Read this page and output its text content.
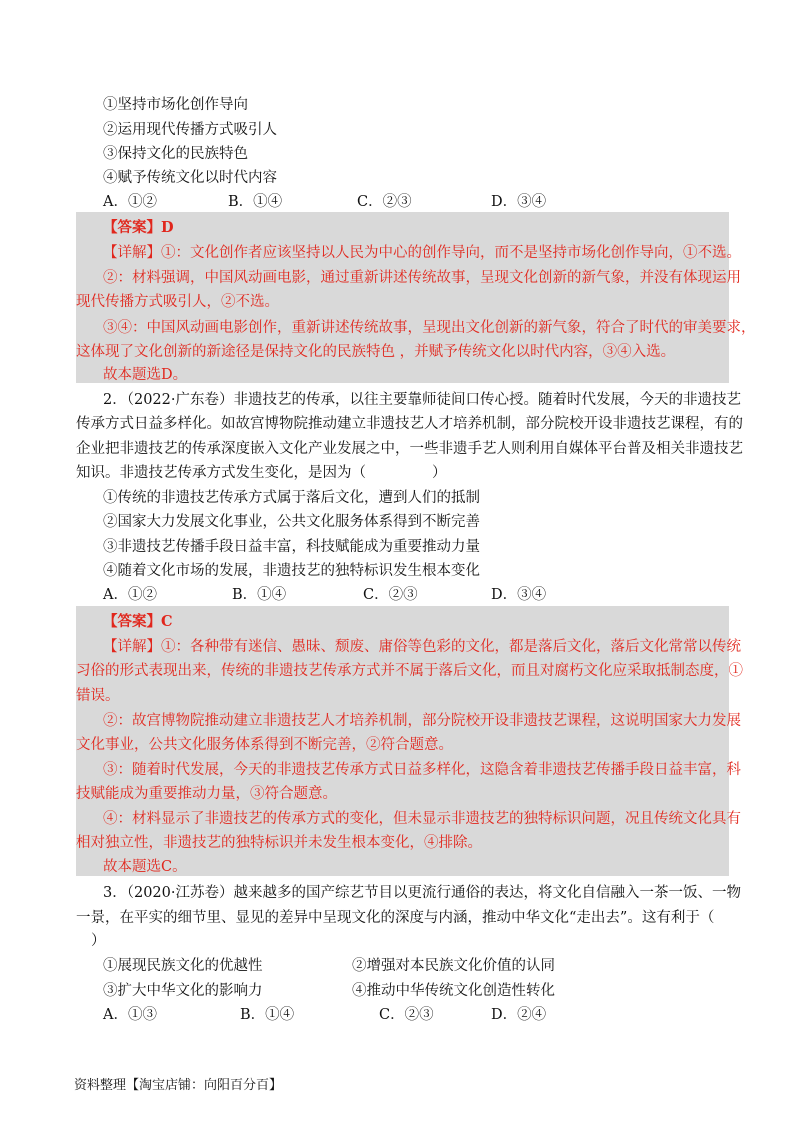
①坚持市场化创作导向
②运用现代传播方式吸引人
③保持文化的民族特色
④赋予传统文化以时代内容
A．①②	B．①④	C．②③	D．③④
【答案】D
【详解】①：文化创作者应该坚持以人民为中心的创作导向，而不是坚持市场化创作导向，①不选。
②：材料强调，中国风动画电影，通过重新讲述传统故事，呈现文化创新的新气象，并没有体现运用
现代传播方式吸引人，②不选。
③④：中国风动画电影创作，重新讲述传统故事，呈现出文化创新的新气象，符合了时代的审美要求，
这体现了文化创新的新途径是保持文化的民族特色 ，并赋予传统文化以时代内容，③④入选。
故本题选D。
2．（2022·广东卷）非遗技艺的传承，以往主要靠师徒间口传心授。随着时代发展，今天的非遗技艺
传承方式日益多样化。如故宫博物院推动建立非遗技艺人才培养机制，部分院校开设非遗技艺课程，有的
企业把非遗技艺的传承深度嵌入文化产业发展之中，一些非遗手艺人则利用自媒体平台普及相关非遗技艺
知识。非遗技艺传承方式发生变化，是因为（	）
①传统的非遗技艺传承方式属于落后文化，遭到人们的抵制
②国家大力发展文化事业，公共文化服务体系得到不断完善
③非遗技艺传播手段日益丰富，科技赋能成为重要推动力量
④随着文化市场的发展，非遗技艺的独特标识发生根本变化
A．①②	B．①④	C．②③	D．③④
【答案】C
【详解】①：各种带有迷信、愚昧、颓废、庸俗等色彩的文化，都是落后文化，落后文化常常以传统
习俗的形式表现出来，传统的非遗技艺传承方式并不属于落后文化，而且对腐朽文化应采取抵制态度，①
错误。
②：故宫博物院推动建立非遗技艺人才培养机制，部分院校开设非遗技艺课程，这说明国家大力发展
文化事业，公共文化服务体系得到不断完善，②符合题意。
③：随着时代发展，今天的非遗技艺传承方式日益多样化，这隐含着非遗技艺传播手段日益丰富，科
技赋能成为重要推动力量，③符合题意。
④：材料显示了非遗技艺的传承方式的变化，但未显示非遗技艺的独特标识问题，况且传统文化具有
相对独立性，非遗技艺的独特标识并未发生根本变化，④排除。
故本题选C。
3．（2020·江苏卷）越来越多的国产综艺节目以更流行通俗的表达，将文化自信融入一茶一饭、一物
一景，在平实的细节里、显见的差异中呈现文化的深度与内涵，推动中华文化“走出去”。这有利于（
）
①展现民族文化的优越性	②增强对本民族文化价值的认同
③扩大中华文化的影响力	④推动中华传统文化创造性转化
A．①③	B．①④	C．②③	D．②④
资料整理【淘宝店铺：向阳百分百】
